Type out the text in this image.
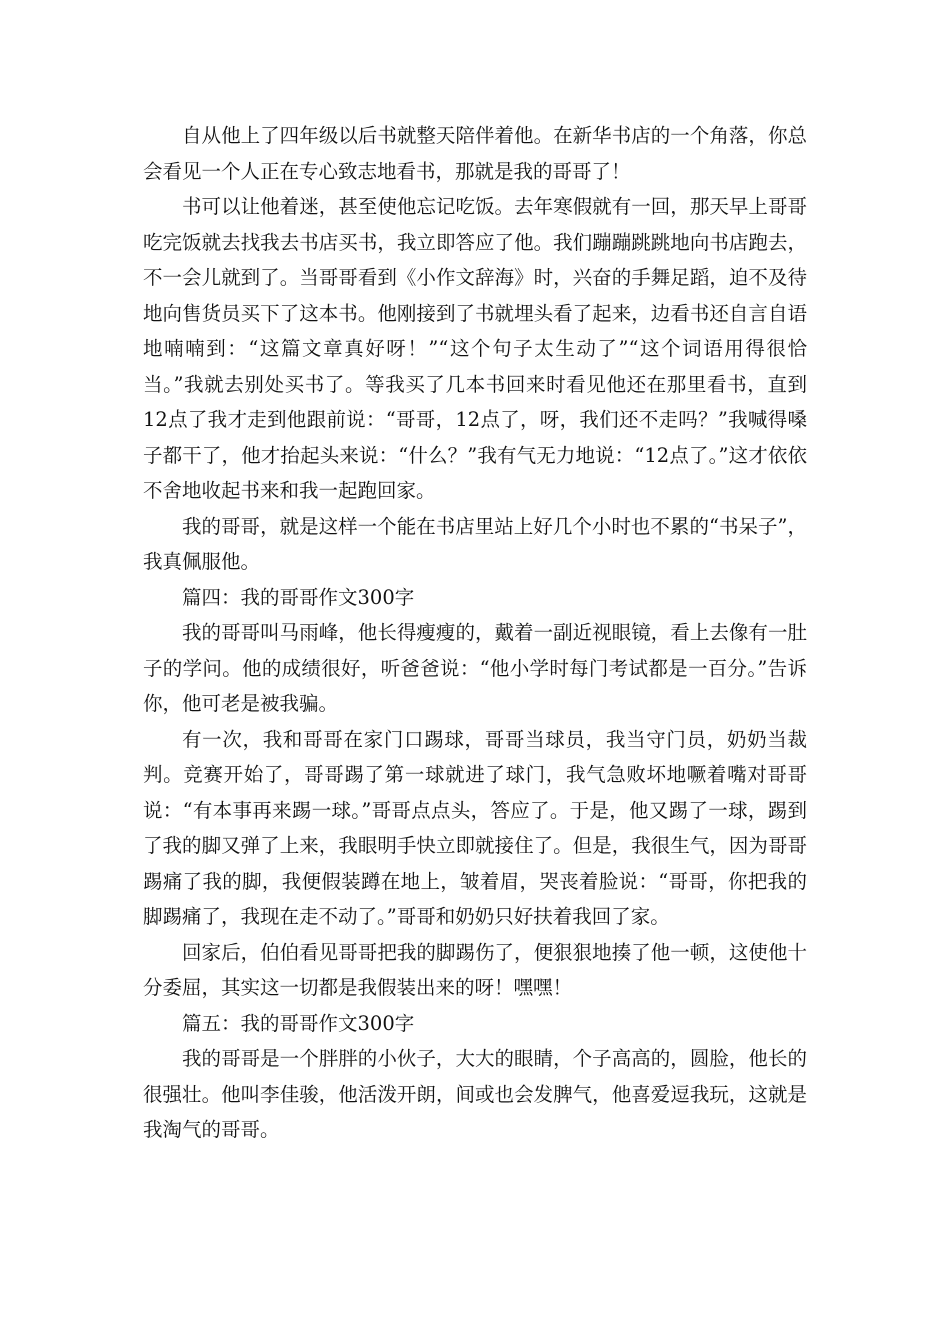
自从他上了四年级以后书就整天陪伴着他。在新华书店的一个角落，你总会看见一个人正在专心致志地看书，那就是我的哥哥了！

书可以让他着迷，甚至使他忘记吃饭。去年寒假就有一回，那天早上哥哥吃完饭就去找我去书店买书，我立即答应了他。我们蹦蹦跳跳地向书店跑去，不一会儿就到了。当哥哥看到《小作文辞海》时，兴奋的手舞足蹈，迫不及待地向售货员买下了这本书。他刚接到了书就埋头看了起来，边看书还自言自语地喃喃到：“这篇文章真好呀！”“这个句子太生动了”“这个词语用得很恰当。”我就去别处买书了。等我买了几本书回来时看见他还在那里看书，直到12点了我才走到他跟前说：“哥哥，12点了，呀，我们还不走吗？”我喊得嗓子都干了，他才抬起头来说：“什么？”我有气无力地说：“12点了。”这才依依不舍地收起书来和我一起跑回家。

我的哥哥，就是这样一个能在书店里站上好几个小时也不累的“书呆子”，我真佩服他。

篇四：我的哥哥作文300字

我的哥哥叫马雨峰，他长得瘦瘦的，戴着一副近视眼镜，看上去像有一肚子的学问。他的成绩很好，听爸爸说：“他小学时每门考试都是一百分。”告诉你，他可老是被我骗。

有一次，我和哥哥在家门口踢球，哥哥当球员，我当守门员，奶奶当裁判。竞赛开始了，哥哥踢了第一球就进了球门，我气急败坏地噘着嘴对哥哥说：“有本事再来踢一球。”哥哥点点头，答应了。于是，他又踢了一球，踢到了我的脚又弹了上来，我眼明手快立即就接住了。但是，我很生气，因为哥哥踢痛了我的脚，我便假装蹲在地上，皱着眉，哭丧着脸说：“哥哥，你把我的脚踢痛了，我现在走不动了。”哥哥和奶奶只好扶着我回了家。

回家后，伯伯看见哥哥把我的脚踢伤了，便狠狠地揍了他一顿，这使他十分委屈，其实这一切都是我假装出来的呀！嘿嘿！

篇五：我的哥哥作文300字

我的哥哥是一个胖胖的小伙子，大大的眼睛，个子高高的，圆脸，他长的很强壮。他叫李佳骏，他活泼开朗，间或也会发脾气，他喜爱逗我玩，这就是我淘气的哥哥。
